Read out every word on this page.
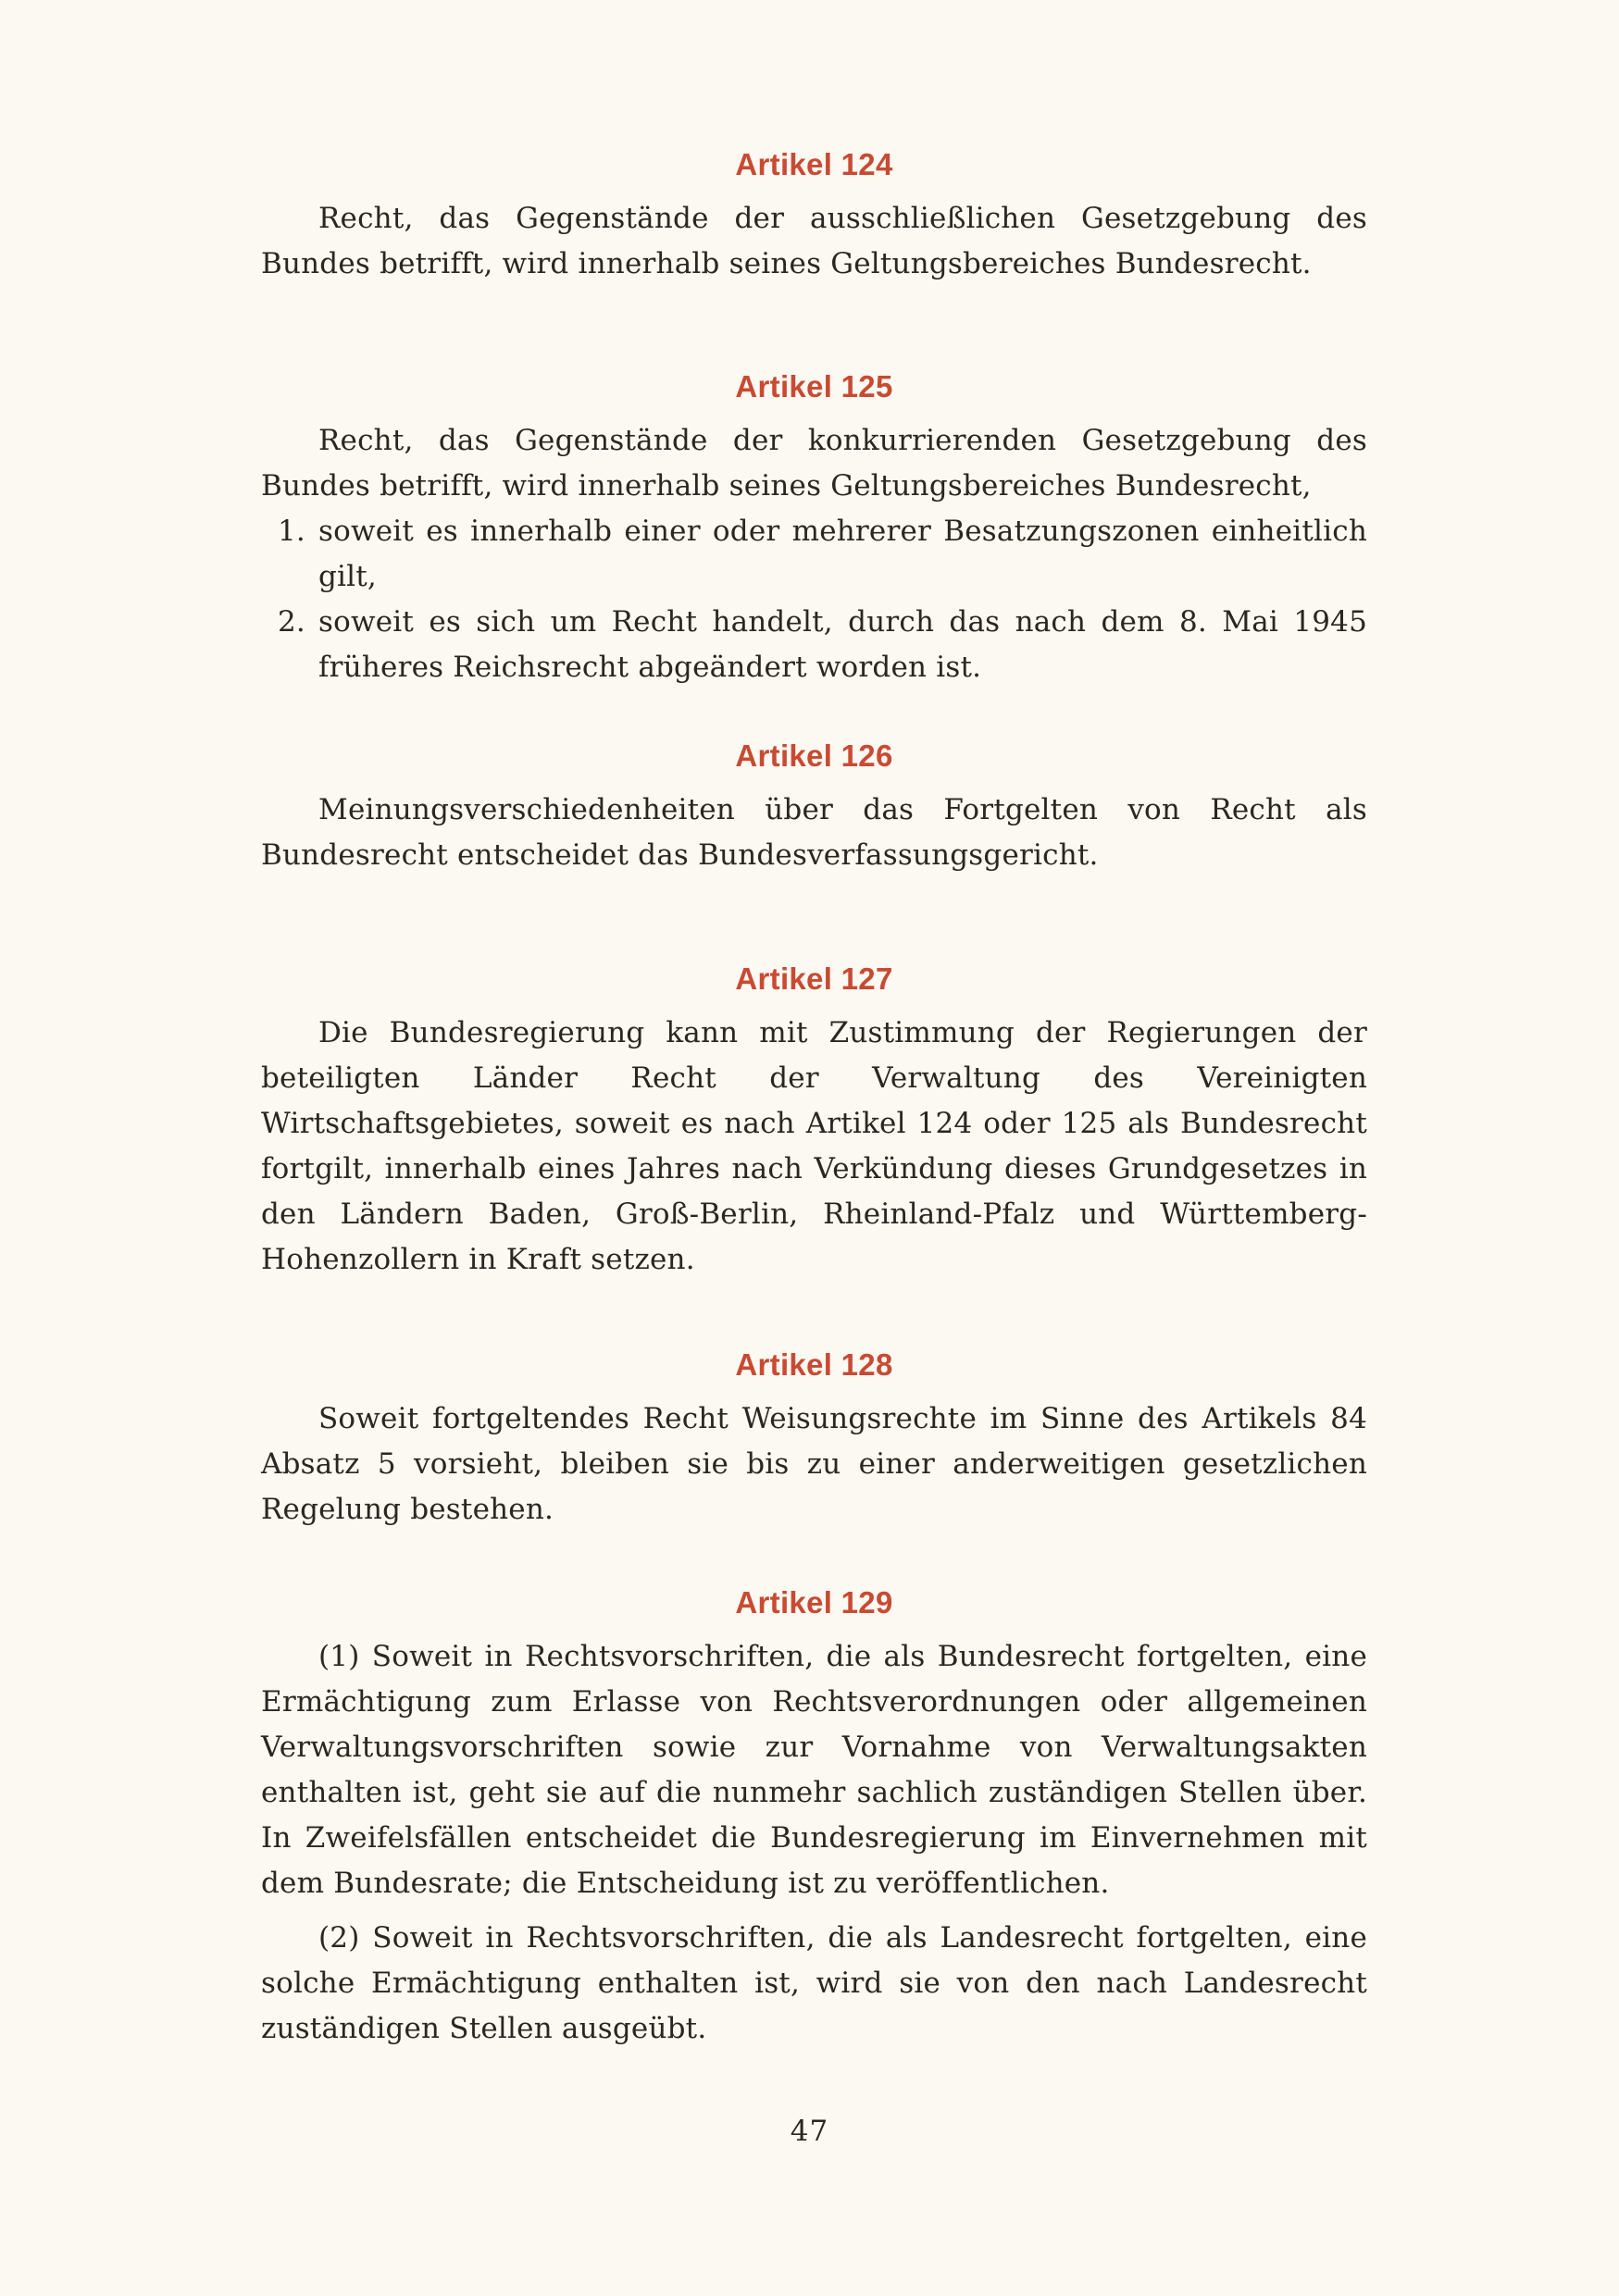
Artikel 124

Recht, das Gegenstände der ausschließlichen Gesetzgebung des Bundes betrifft, wird innerhalb seines Geltungsbereiches Bundesrecht.

Artikel 125

Recht, das Gegenstände der konkurrierenden Gesetzgebung des Bundes betrifft, wird innerhalb seines Geltungsbereiches Bundesrecht,

1. soweit es innerhalb einer oder mehrerer Besatzungszonen einheitlich gilt,
2. soweit es sich um Recht handelt, durch das nach dem 8. Mai 1945 früheres Reichsrecht abgeändert worden ist.
Artikel 126

Meinungsverschiedenheiten über das Fortgelten von Recht als Bundesrecht entscheidet das Bundesverfassungsgericht.

Artikel 127

Die Bundesregierung kann mit Zustimmung der Regierungen der beteiligten Länder Recht der Verwaltung des Vereinigten Wirtschaftsgebietes, soweit es nach Artikel 124 oder 125 als Bundesrecht fortgilt, innerhalb eines Jahres nach Verkündung dieses Grundgesetzes in den Ländern Baden, Groß-Berlin, Rheinland-Pfalz und Württemberg-Hohenzollern in Kraft setzen.

Artikel 128

Soweit fortgeltendes Recht Weisungsrechte im Sinne des Artikels 84 Absatz 5 vorsieht, bleiben sie bis zu einer anderweitigen gesetzlichen Regelung bestehen.

Artikel 129

(1) Soweit in Rechtsvorschriften, die als Bundesrecht fortgelten, eine Ermächtigung zum Erlasse von Rechtsverordnungen oder allgemeinen Verwaltungsvorschriften sowie zur Vornahme von Verwaltungsakten enthalten ist, geht sie auf die nunmehr sachlich zuständigen Stellen über. In Zweifelsfällen entscheidet die Bundesregierung im Einvernehmen mit dem Bundesrate; die Entscheidung ist zu veröffentlichen.

(2) Soweit in Rechtsvorschriften, die als Landesrecht fortgelten, eine solche Ermächtigung enthalten ist, wird sie von den nach Landesrecht zuständigen Stellen ausgeübt.

47
